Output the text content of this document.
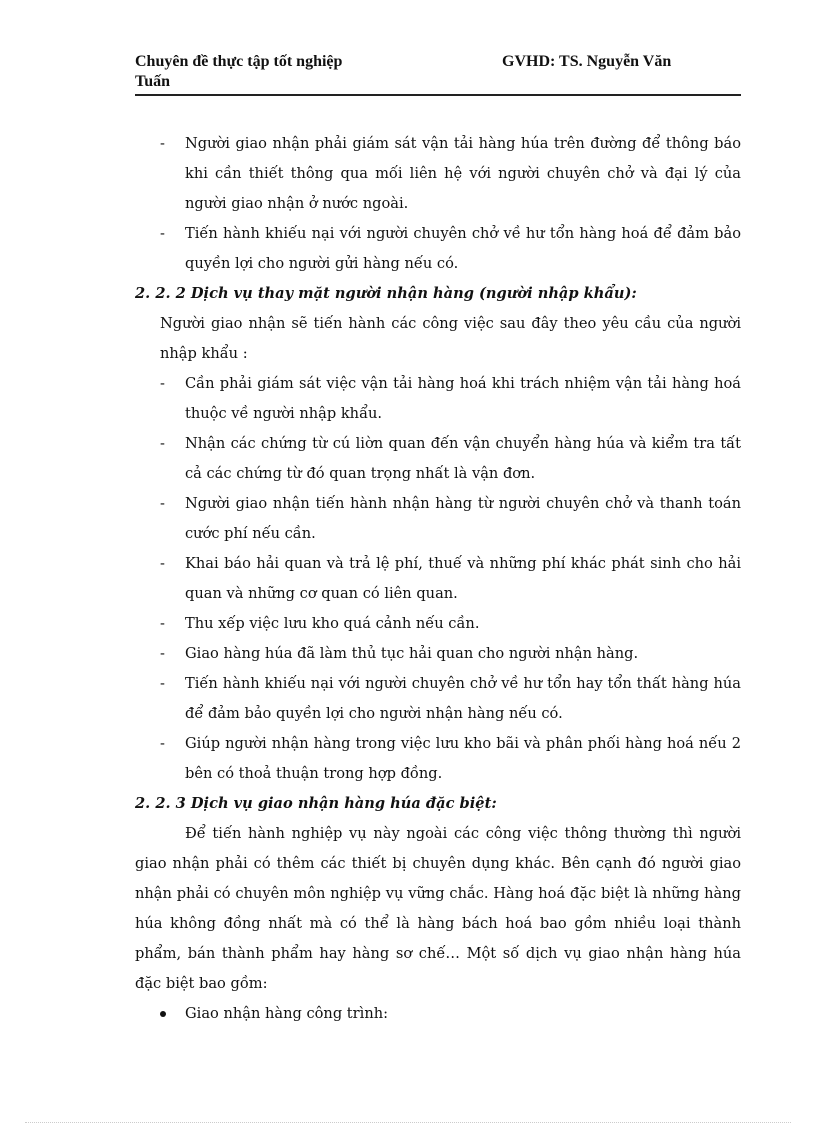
Chuyên đề thực tập tốt nghiệp	GVHD: TS. Nguyễn Văn
Tuấn

-	Người giao nhận phải giám sát vận tải hàng húa trên đường để thông báo khi cần thiết thông qua mối liên hệ với người chuyên chở và đại lý của người giao nhận ở nước ngoài.

-	Tiến hành khiếu nại với người chuyên chở về hư tổn hàng hoá để đảm bảo quyền lợi cho người gửi hàng nếu có.

2. 2. 2 Dịch vụ thay mặt người nhận hàng (người nhập khẩu):

Người giao nhận sẽ tiến hành các công việc sau đây theo yêu cầu của người nhập khẩu :

-	Cần phải giám sát việc vận tải hàng hoá khi trách nhiệm vận tải hàng hoá thuộc về người nhập khẩu.

-	Nhận các chứng từ cú liờn quan đến vận chuyển hàng húa và kiểm tra tất cả các chứng từ đó quan trọng nhất là vận đơn.

-	Người giao nhận tiến hành nhận hàng từ người chuyên chở và thanh toán cước phí nếu cần.

-	Khai báo hải quan và trả lệ phí, thuế và những phí khác phát sinh cho hải quan và những cơ quan có liên quan.

-	Thu xếp việc lưu kho quá cảnh nếu cần.

-	Giao hàng húa đã làm thủ tục hải quan cho người nhận hàng.

-	Tiến hành khiếu nại với người chuyên chở về hư tổn hay tổn thất hàng húa để đảm bảo quyền lợi cho người nhận hàng nếu có.

-	Giúp người nhận hàng trong việc lưu kho bãi và phân phối hàng hoá nếu 2 bên có thoả thuận trong hợp đồng.

2. 2. 3 Dịch vụ giao nhận hàng húa đặc biệt:

Để tiến hành nghiệp vụ này ngoài các công việc thông thường thì người giao nhận phải có thêm các thiết bị chuyên dụng khác. Bên cạnh đó người giao nhận phải có chuyên môn nghiệp vụ vững chắc. Hàng hoá đặc biệt là những hàng húa không đồng nhất mà có thể là hàng bách hoá bao gồm nhiều loại thành phẩm, bán thành phẩm hay hàng sơ chế… Một số dịch vụ giao nhận hàng húa đặc biệt bao gồm:

Giao nhận hàng công trình:
